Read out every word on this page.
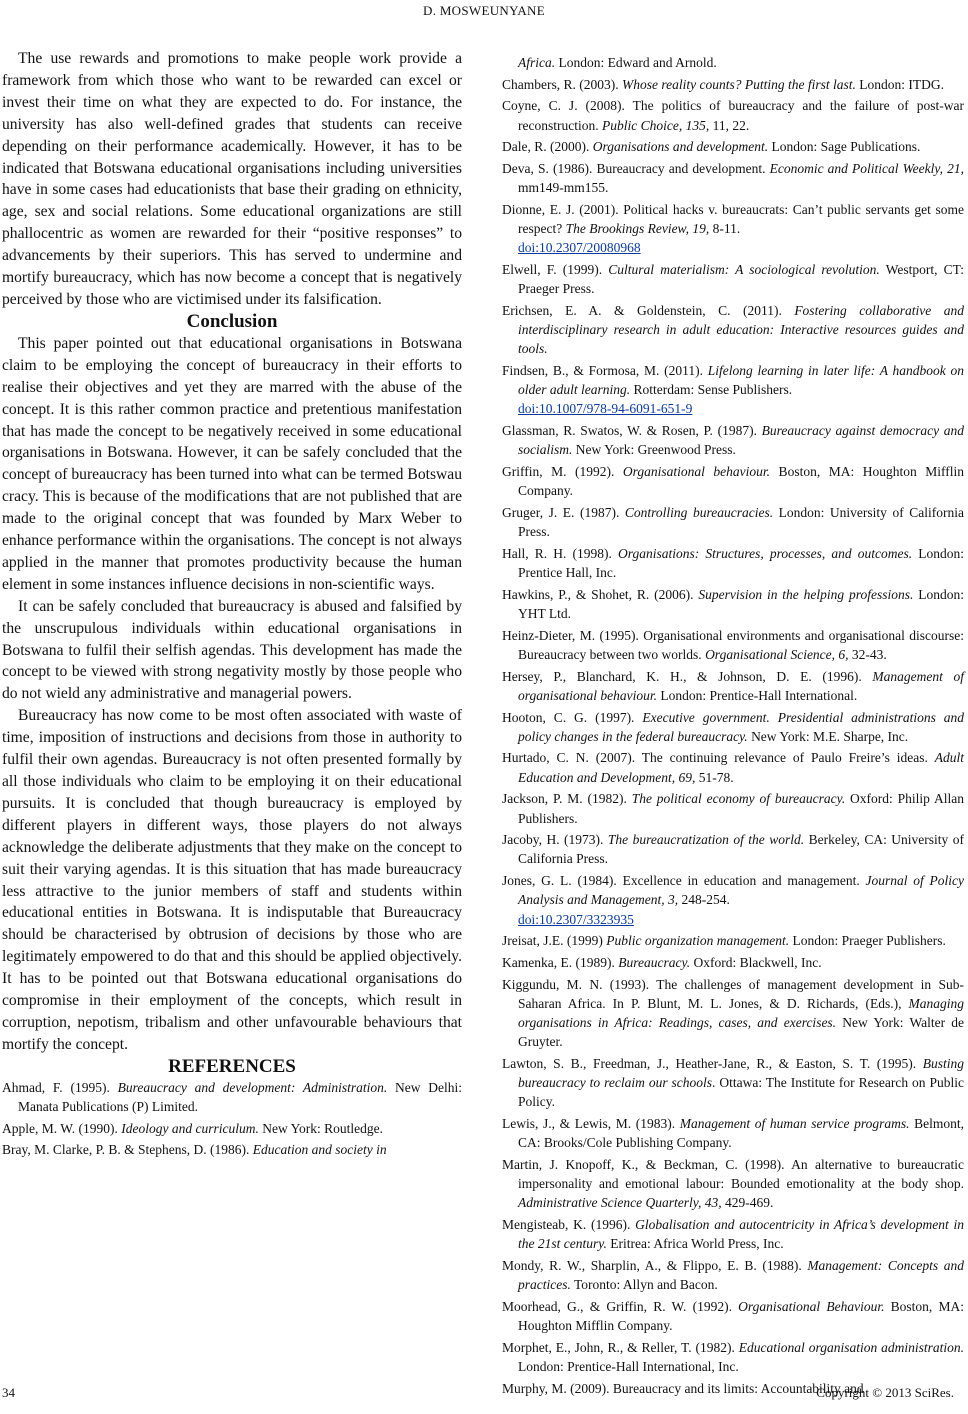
D. MOSWEUNYANE

The use rewards and promotions to make people work provide a framework from which those who want to be rewarded can excel or invest their time on what they are expected to do. For instance, the university has also well-defined grades that students can receive depending on their performance academically. However, it has to be indicated that Botswana educational organisations including universities have in some cases had educationists that base their grading on ethnicity, age, sex and social relations. Some educational organizations are still phallocentric as women are rewarded for their “positive responses” to advancements by their superiors. This has served to undermine and mortify bureaucracy, which has now become a concept that is negatively perceived by those who are victimised under its falsification.

Conclusion

This paper pointed out that educational organisations in Botswana claim to be employing the concept of bureaucracy in their efforts to realise their objectives and yet they are marred with the abuse of the concept. It is this rather common practice and pretentious manifestation that has made the concept to be negatively received in some educational organisations in Botswana. However, it can be safely concluded that the concept of bureaucracy has been turned into what can be termed Botswau cracy. This is because of the modifications that are not published that are made to the original concept that was founded by Marx Weber to enhance performance within the organisations. The concept is not always applied in the manner that promotes productivity because the human element in some instances influence decisions in non-scientific ways.

It can be safely concluded that bureaucracy is abused and falsified by the unscrupulous individuals within educational organisations in Botswana to fulfil their selfish agendas. This development has made the concept to be viewed with strong negativity mostly by those people who do not wield any administrative and managerial powers.

Bureaucracy has now come to be most often associated with waste of time, imposition of instructions and decisions from those in authority to fulfil their own agendas. Bureaucracy is not often presented formally by all those individuals who claim to be employing it on their educational pursuits. It is concluded that though bureaucracy is employed by different players in different ways, those players do not always acknowledge the deliberate adjustments that they make on the concept to suit their varying agendas. It is this situation that has made bureaucracy less attractive to the junior members of staff and students within educational entities in Botswana. It is indisputable that Bureaucracy should be characterised by obtrusion of decisions by those who are legitimately empowered to do that and this should be applied objectively. It has to be pointed out that Botswana educational organisations do compromise in their employment of the concepts, which result in corruption, nepotism, tribalism and other unfavourable behaviours that mortify the concept.

REFERENCES

Ahmad, F. (1995). Bureaucracy and development: Administration. New Delhi: Manata Publications (P) Limited.

Apple, M. W. (1990). Ideology and curriculum. New York: Routledge.

Bray, M. Clarke, P. B. & Stephens, D. (1986). Education and society in

Africa. London: Edward and Arnold.

Chambers, R. (2003). Whose reality counts? Putting the first last. London: ITDG.

Coyne, C. J. (2008). The politics of bureaucracy and the failure of post-war reconstruction. Public Choice, 135, 11, 22.

Dale, R. (2000). Organisations and development. London: Sage Publications.

Deva, S. (1986). Bureaucracy and development. Economic and Political Weekly, 21, mm149-mm155.

Dionne, E. J. (2001). Political hacks v. bureaucrats: Can’t public servants get some respect? The Brookings Review, 19, 8-11.
doi:10.2307/20080968

Elwell, F. (1999). Cultural materialism: A sociological revolution. Westport, CT: Praeger Press.

Erichsen, E. A. & Goldenstein, C. (2011). Fostering collaborative and interdisciplinary research in adult education: Interactive resources guides and tools.

Findsen, B., & Formosa, M. (2011). Lifelong learning in later life: A handbook on older adult learning. Rotterdam: Sense Publishers.
doi:10.1007/978-94-6091-651-9

Glassman, R. Swatos, W. & Rosen, P. (1987). Bureaucracy against democracy and socialism. New York: Greenwood Press.

Griffin, M. (1992). Organisational behaviour. Boston, MA: Houghton Mifflin Company.

Gruger, J. E. (1987). Controlling bureaucracies. London: University of California Press.

Hall, R. H. (1998). Organisations: Structures, processes, and outcomes. London: Prentice Hall, Inc.

Hawkins, P., & Shohet, R. (2006). Supervision in the helping professions. London: YHT Ltd.

Heinz-Dieter, M. (1995). Organisational environments and organisational discourse: Bureaucracy between two worlds. Organisational Science, 6, 32-43.

Hersey, P., Blanchard, K. H., & Johnson, D. E. (1996). Management of organisational behaviour. London: Prentice-Hall International.

Hooton, C. G. (1997). Executive government. Presidential administrations and policy changes in the federal bureaucracy. New York: M.E. Sharpe, Inc.

Hurtado, C. N. (2007). The continuing relevance of Paulo Freire’s ideas. Adult Education and Development, 69, 51-78.

Jackson, P. M. (1982). The political economy of bureaucracy. Oxford: Philip Allan Publishers.

Jacoby, H. (1973). The bureaucratization of the world. Berkeley, CA: University of California Press.

Jones, G. L. (1984). Excellence in education and management. Journal of Policy Analysis and Management, 3, 248-254.
doi:10.2307/3323935

Jreisat, J.E. (1999) Public organization management. London: Praeger Publishers.

Kamenka, E. (1989). Bureaucracy. Oxford: Blackwell, Inc.

Kiggundu, M. N. (1993). The challenges of management development in Sub-Saharan Africa. In P. Blunt, M. L. Jones, & D. Richards, (Eds.), Managing organisations in Africa: Readings, cases, and exercises. New York: Walter de Gruyter.

Lawton, S. B., Freedman, J., Heather-Jane, R., & Easton, S. T. (1995). Busting bureaucracy to reclaim our schools. Ottawa: The Institute for Research on Public Policy.

Lewis, J., & Lewis, M. (1983). Management of human service programs. Belmont, CA: Brooks/Cole Publishing Company.

Martin, J. Knopoff, K., & Beckman, C. (1998). An alternative to bureaucratic impersonality and emotional labour: Bounded emotionality at the body shop. Administrative Science Quarterly, 43, 429-469.

Mengisteab, K. (1996). Globalisation and autocentricity in Africa’s development in the 21st century. Eritrea: Africa World Press, Inc.

Mondy, R. W., Sharplin, A., & Flippo, E. B. (1988). Management: Concepts and practices. Toronto: Allyn and Bacon.

Moorhead, G., & Griffin, R. W. (1992). Organisational Behaviour. Boston, MA: Houghton Mifflin Company.

Morphet, E., John, R., & Reller, T. (1982). Educational organisation administration. London: Prentice-Hall International, Inc.

Murphy, M. (2009). Bureaucracy and its limits: Accountability and

34	Copyright © 2013 SciRes.
